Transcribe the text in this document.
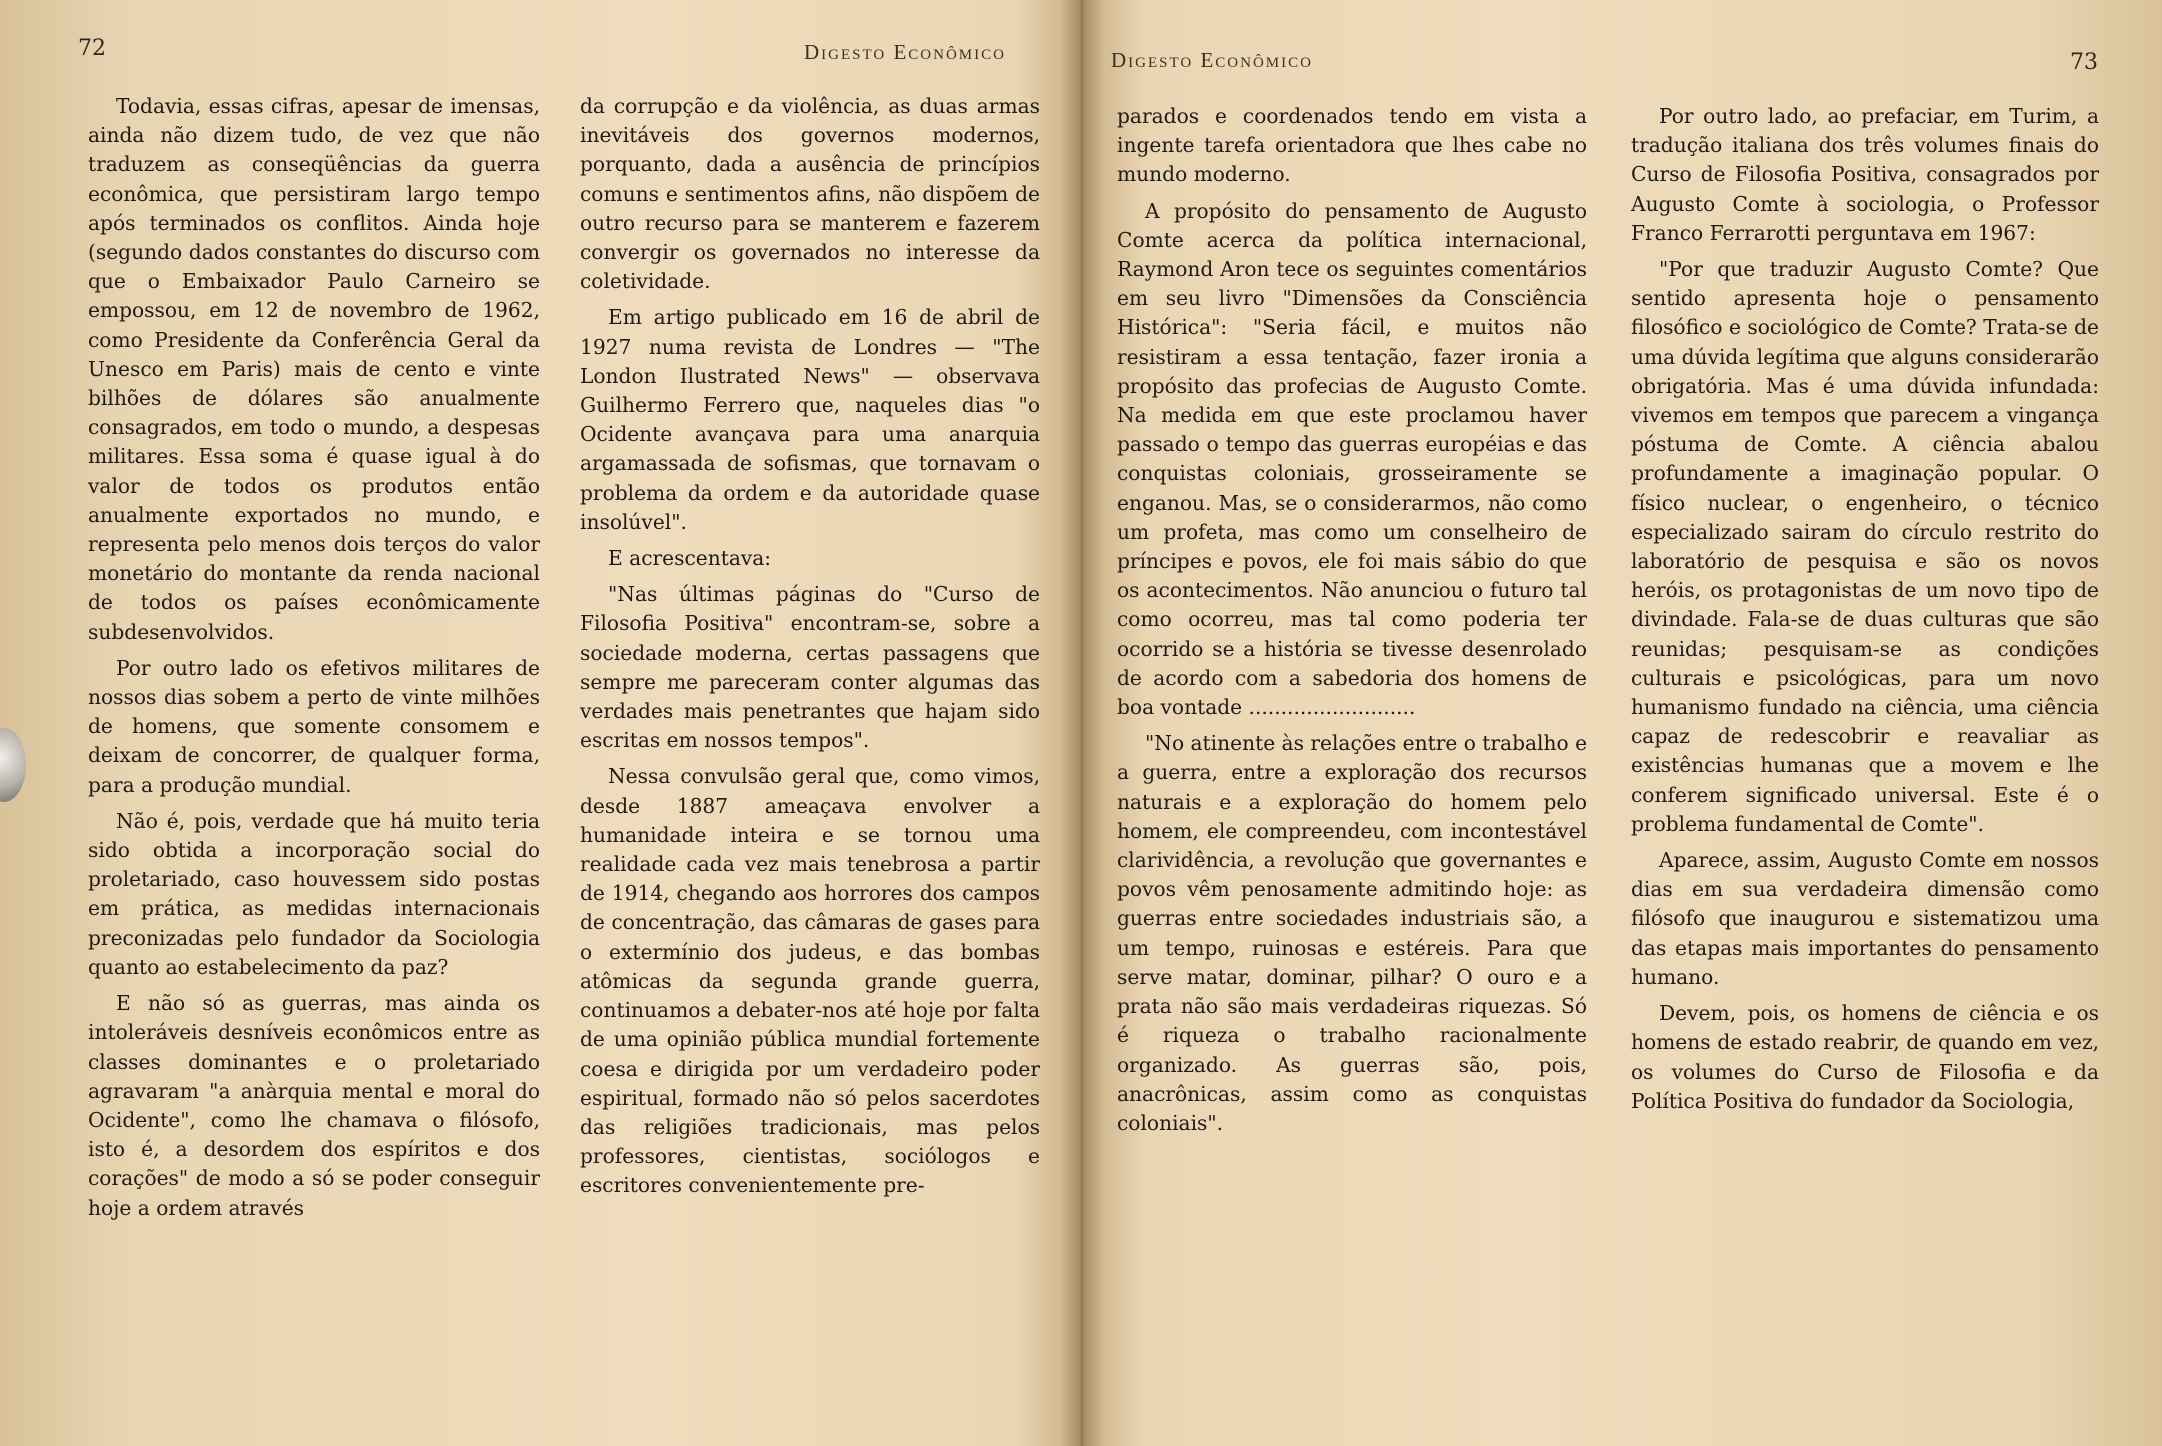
72	Digesto Econômico

Todavia, essas cifras, apesar de imensas, ainda não dizem tudo, de vez que não traduzem as conseqüências da guerra econômica, que persistiram largo tempo após terminados os conflitos. Ainda hoje (segundo dados constantes do discurso com que o Embaixador Paulo Carneiro se empossou, em 12 de novembro de 1962, como Presidente da Conferência Geral da Unesco em Paris) mais de cento e vinte bilhões de dólares são anualmente consagrados, em todo o mundo, a despesas militares. Essa soma é quase igual à do valor de todos os produtos então anualmente exportados no mundo, e representa pelo menos dois terços do valor monetário do montante da renda nacional de todos os países econômicamente subdesenvolvidos.

Por outro lado os efetivos militares de nossos dias sobem a perto de vinte milhões de homens, que somente consomem e deixam de concorrer, de qualquer forma, para a produção mundial.

Não é, pois, verdade que há muito teria sido obtida a incorporação social do proletariado, caso houvessem sido postas em prática, as medidas internacionais preconizadas pelo fundador da Sociologia quanto ao estabelecimento da paz?

E não só as guerras, mas ainda os intoleráveis desníveis econômicos entre as classes dominantes e o proletariado agravaram "a anàrquia mental e moral do Ocidente", como lhe chamava o filósofo, isto é, a desordem dos espíritos e dos corações" de modo a só se poder conseguir hoje a ordem através

da corrupção e da violência, as duas armas inevitáveis dos governos modernos, porquanto, dada a ausência de princípios comuns e sentimentos afins, não dispõem de outro recurso para se manterem e fazerem convergir os governados no interesse da coletividade.

Em artigo publicado em 16 de abril de 1927 numa revista de Londres — "The London Ilustrated News" — observava Guilhermo Ferrero que, naqueles dias "o Ocidente avançava para uma anarquia argamassada de sofismas, que tornavam o problema da ordem e da autoridade quase insolúvel".

E acrescentava:

"Nas últimas páginas do "Curso de Filosofia Positiva" encontram-se, sobre a sociedade moderna, certas passagens que sempre me pareceram conter algumas das verdades mais penetrantes que hajam sido escritas em nossos tempos".

Nessa convulsão geral que, como vimos, desde 1887 ameaçava envolver a humanidade inteira e se tornou uma realidade cada vez mais tenebrosa a partir de 1914, chegando aos horrores dos campos de concentração, das câmaras de gases para o extermínio dos judeus, e das bombas atômicas da segunda grande guerra, continuamos a debater-nos até hoje por falta de uma opinião pública mundial fortemente coesa e dirigida por um verdadeiro poder espiritual, formado não só pelos sacerdotes das religiões tradicionais, mas pelos professores, cientistas, sociólogos e escritores convenientemente pre-

Digesto Econômico	73

parados e coordenados tendo em vista a ingente tarefa orientadora que lhes cabe no mundo moderno.

A propósito do pensamento de Augusto Comte acerca da política internacional, Raymond Aron tece os seguintes comentários em seu livro "Dimensões da Consciência Histórica": "Seria fácil, e muitos não resistiram a essa tentação, fazer ironia a propósito das profecias de Augusto Comte. Na medida em que este proclamou haver passado o tempo das guerras européias e das conquistas coloniais, grosseiramente se enganou. Mas, se o considerarmos, não como um profeta, mas como um conselheiro de príncipes e povos, ele foi mais sábio do que os acontecimentos. Não anunciou o futuro tal como ocorreu, mas tal como poderia ter ocorrido se a história se tivesse desenrolado de acordo com a sabedoria dos homens de boa vontade ..........................

"No atinente às relações entre o trabalho e a guerra, entre a exploração dos recursos naturais e a exploração do homem pelo homem, ele compreendeu, com incontestável clarividência, a revolução que governantes e povos vêm penosamente admitindo hoje: as guerras entre sociedades industriais são, a um tempo, ruinosas e estéreis. Para que serve matar, dominar, pilhar? O ouro e a prata não são mais verdadeiras riquezas. Só é riqueza o trabalho racionalmente organizado. As guerras são, pois, anacrônicas, assim como as conquistas coloniais".

Por outro lado, ao prefaciar, em Turim, a tradução italiana dos três volumes finais do Curso de Filosofia Positiva, consagrados por Augusto Comte à sociologia, o Professor Franco Ferrarotti perguntava em 1967:

"Por que traduzir Augusto Comte? Que sentido apresenta hoje o pensamento filosófico e sociológico de Comte? Trata-se de uma dúvida legítima que alguns considerarão obrigatória. Mas é uma dúvida infundada: vivemos em tempos que parecem a vingança póstuma de Comte. A ciência abalou profundamente a imaginação popular. O físico nuclear, o engenheiro, o técnico especializado sairam do círculo restrito do laboratório de pesquisa e são os novos heróis, os protagonistas de um novo tipo de divindade. Fala-se de duas culturas que são reunidas; pesquisam-se as condições culturais e psicológicas, para um novo humanismo fundado na ciência, uma ciência capaz de redescobrir e reavaliar as existências humanas que a movem e lhe conferem significado universal. Este é o problema fundamental de Comte".

Aparece, assim, Augusto Comte em nossos dias em sua verdadeira dimensão como filósofo que inaugurou e sistematizou uma das etapas mais importantes do pensamento humano.

Devem, pois, os homens de ciência e os homens de estado reabrir, de quando em vez, os volumes do Curso de Filosofia e da Política Positiva do fundador da Sociologia,
